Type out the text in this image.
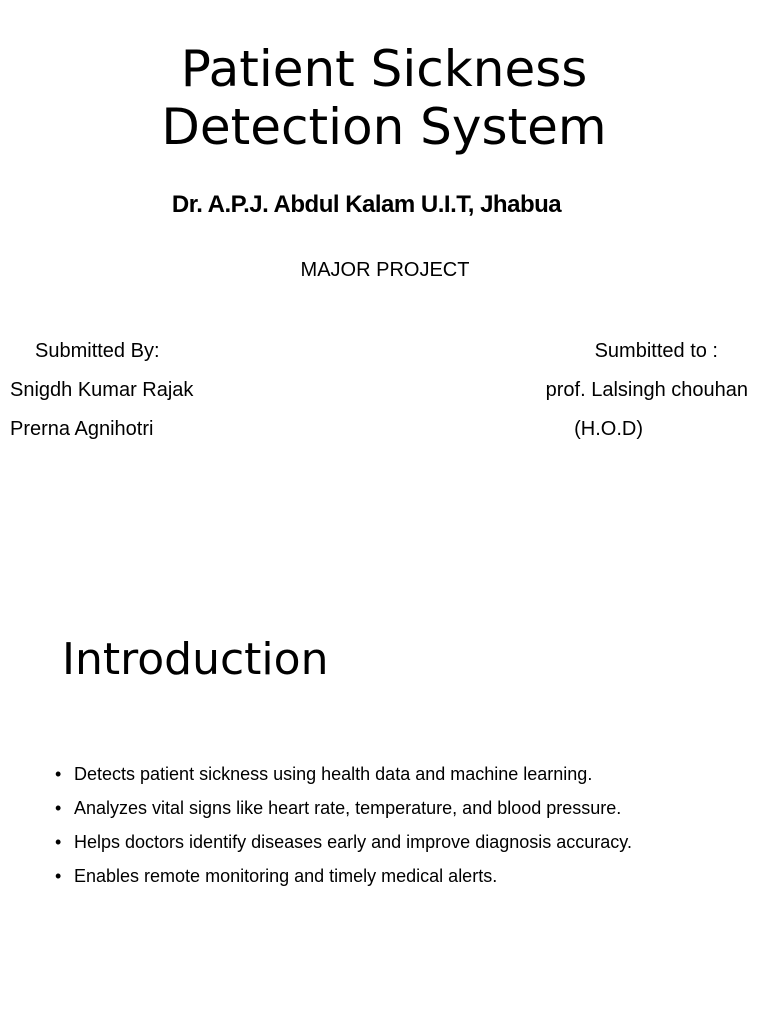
Patient Sickness
Detection System
Dr. A.P.J. Abdul Kalam U.I.T, Jhabua
MAJOR PROJECT
Submitted By:
Snigdh Kumar Rajak
Prerna Agnihotri
Sumbitted to :
prof. Lalsingh chouhan
(H.O.D)
Introduction
• Detects patient sickness using health data and machine learning.
• Analyzes vital signs like heart rate, temperature, and blood pressure.
• Helps doctors identify diseases early and improve diagnosis accuracy.
• Enables remote monitoring and timely medical alerts.
